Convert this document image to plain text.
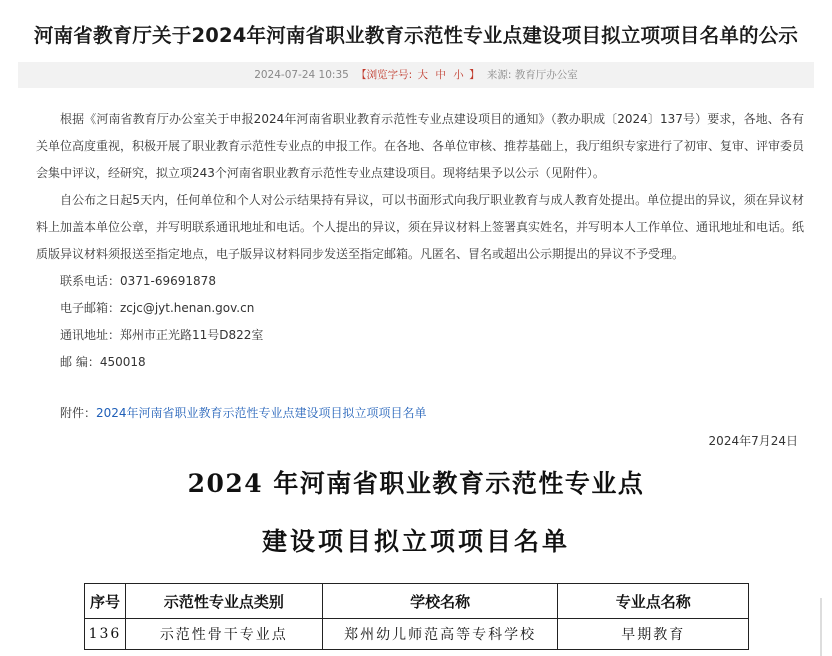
河南省教育厅关于2024年河南省职业教育示范性专业点建设项目拟立项项目名单的公示
2024-07-24 10:35 【浏览字号: 大 中 小 】 来源: 教育厅办公室

根据《河南省教育厅办公室关于申报2024年河南省职业教育示范性专业点建设项目的通知》（教办职成〔2024〕137号）要求，各地、各有关单位高度重视，积极开展了职业教育示范性专业点的申报工作。在各地、各单位审核、推荐基础上，我厅组织专家进行了初审、复审、评审委员会集中评议，经研究，拟立项243个河南省职业教育示范性专业点建设项目。现将结果予以公示（见附件）。

自公布之日起5天内，任何单位和个人对公示结果持有异议，可以书面形式向我厅职业教育与成人教育处提出。单位提出的异议，须在异议材料上加盖本单位公章，并写明联系通讯地址和电话。个人提出的异议，须在异议材料上签署真实姓名，并写明本人工作单位、通讯地址和电话。纸质版异议材料须报送至指定地点，电子版异议材料同步发送至指定邮箱。凡匿名、冒名或超出公示期提出的异议不予受理。

联系电话：0371-69691878

电子邮箱：zcjc@jyt.henan.gov.cn

通讯地址：郑州市正光路11号D822室

邮 编：450018

附件：2024年河南省职业教育示范性专业点建设项目拟立项项目名单
2024年7月24日
2024 年河南省职业教育示范性专业点
建设项目拟立项项目名单
序号	示范性专业点类别	学校名称	专业点名称
136	示范性骨干专业点	郑州幼儿师范高等专科学校	早期教育
